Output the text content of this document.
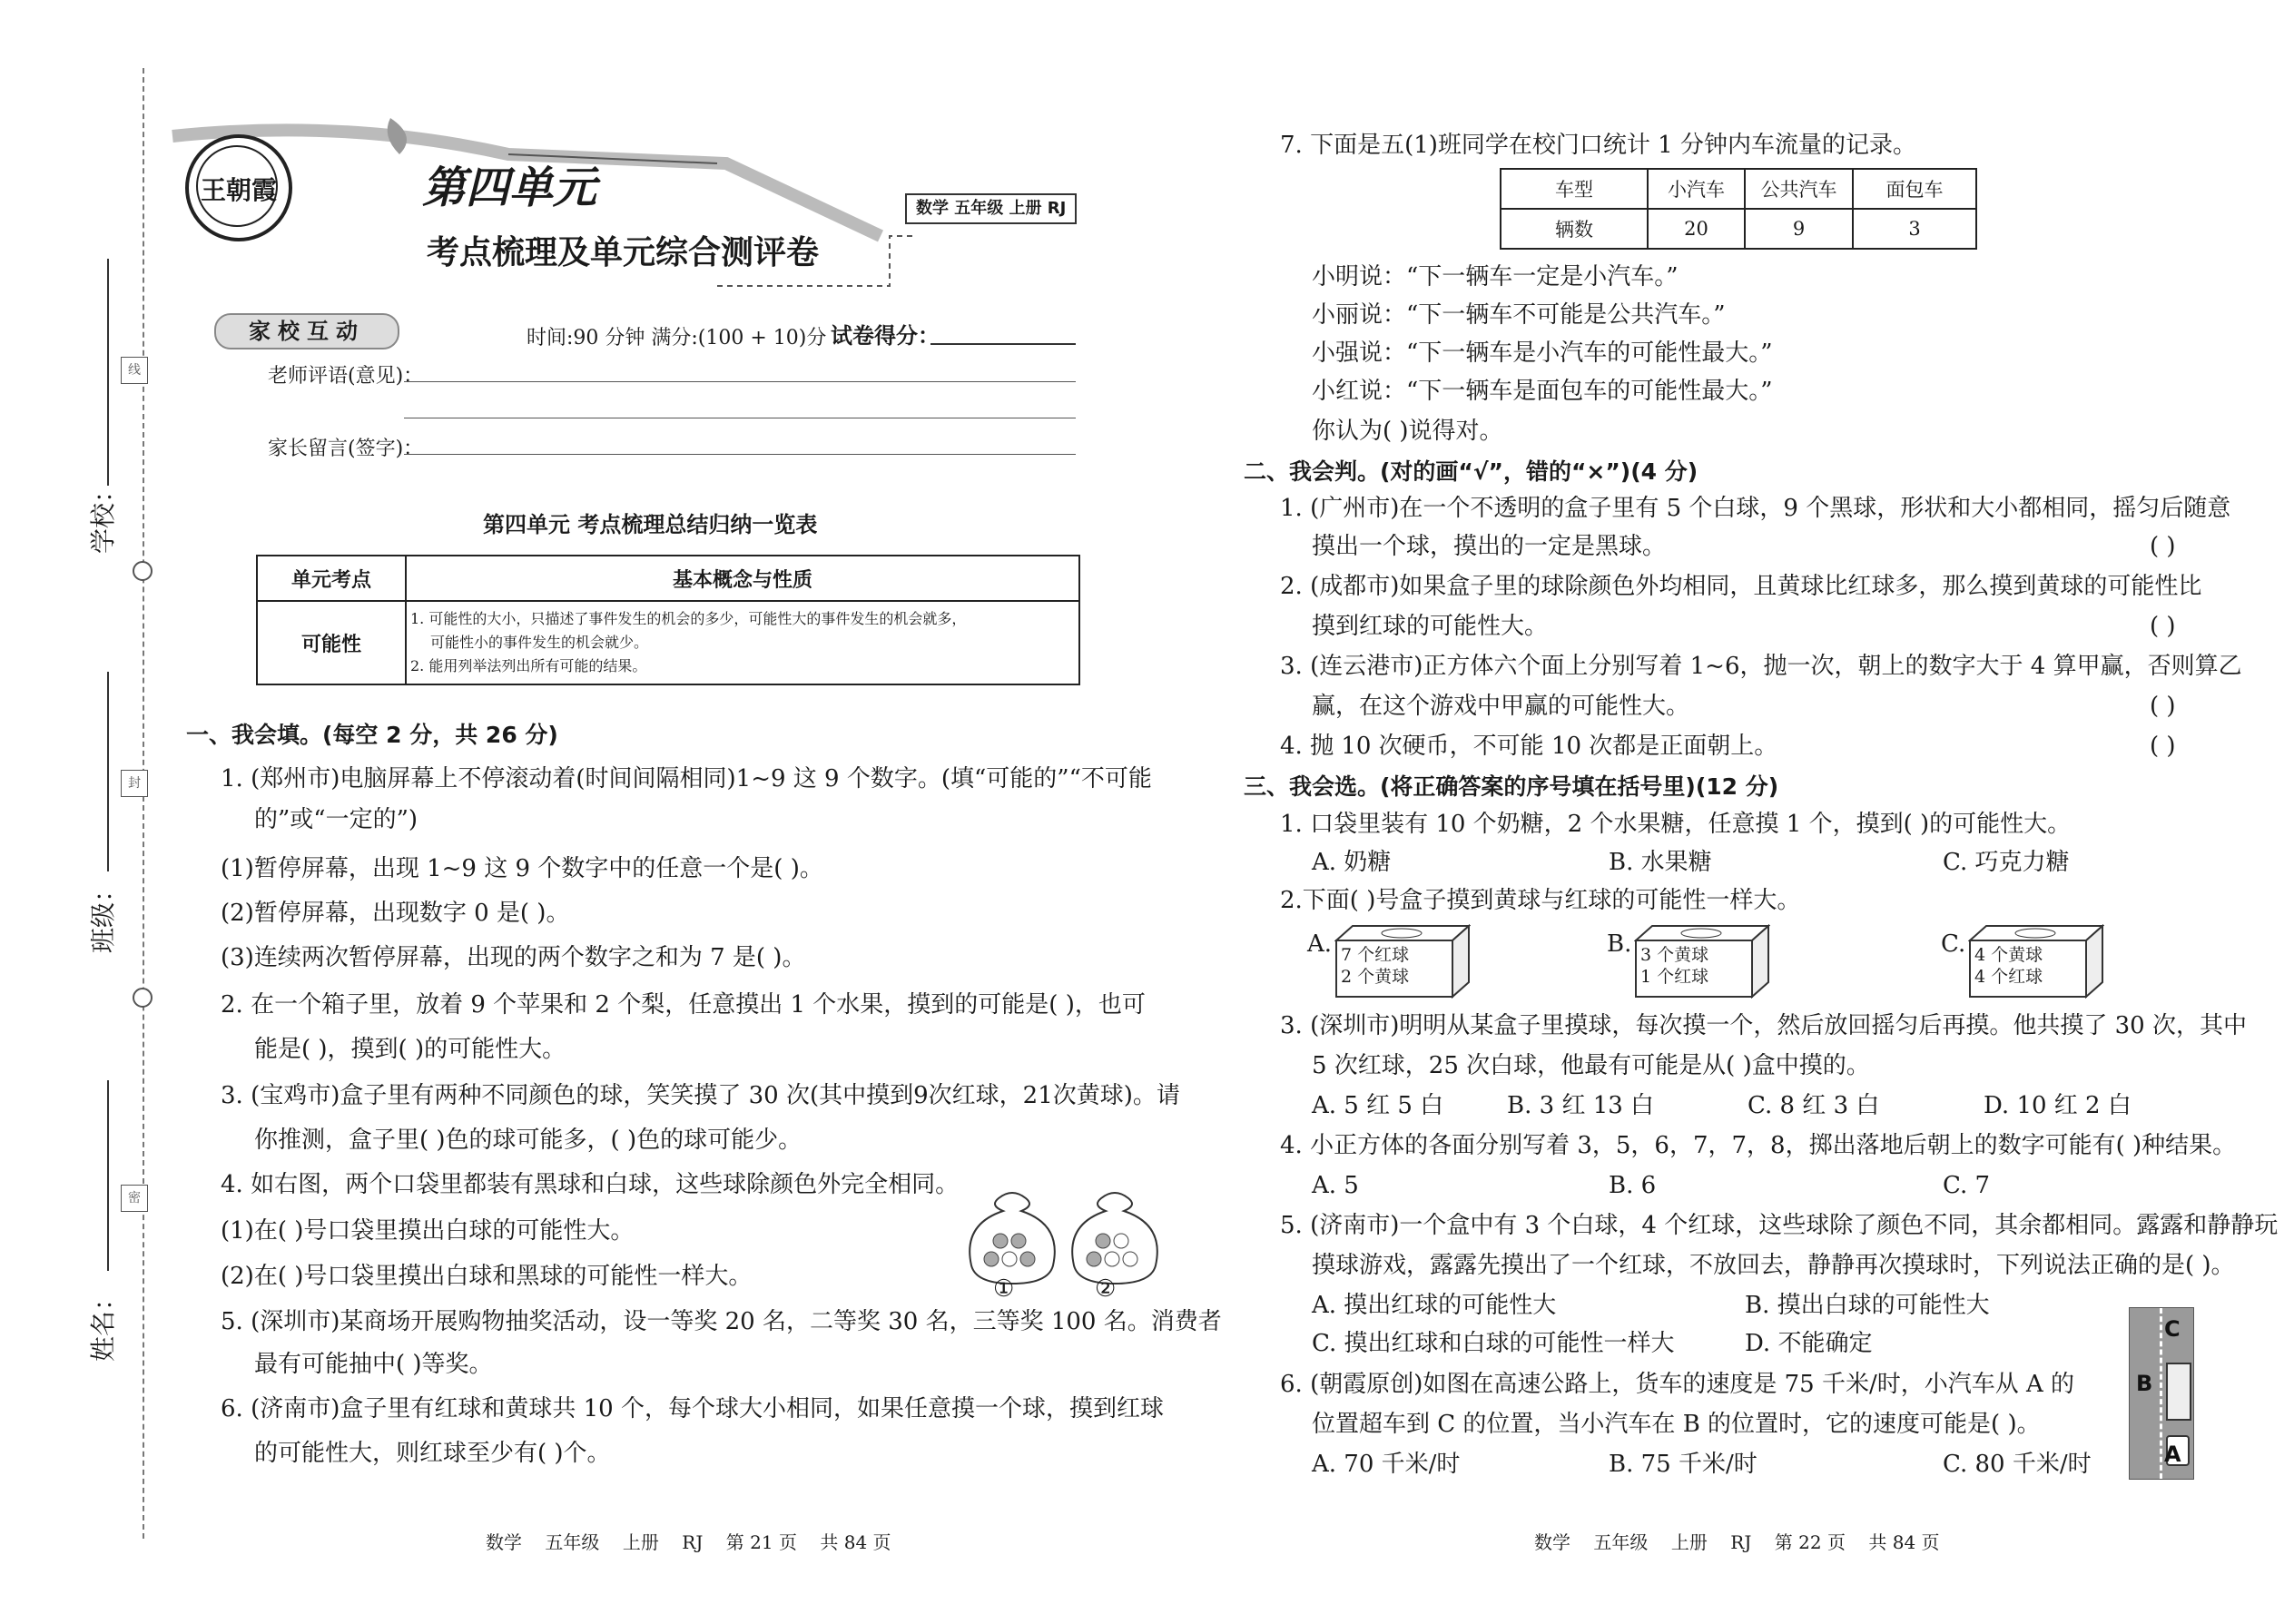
线
封
密
学校：
班级：
姓名：
王朝霞	第四单元
考点梳理及单元综合测评卷
数学 五年级 上册 RJ
家校互动	时间:90 分钟 满分:(100 + 10)分 试卷得分：
老师评语(意见)：
家长留言(签字)：
第四单元 考点梳理总结归纳一览表
单元考点	基本概念与性质
可能性	1. 可能性的大小，只描述了事件发生的机会的多少，可能性大的事件发生的机会就多，
可能性小的事件发生的机会就少。
2. 能用列举法列出所有可能的结果。
一、我会填。(每空 2 分，共 26 分)
1. (郑州市)电脑屏幕上不停滚动着(时间间隔相同)1~9 这 9 个数字。(填“可能的”“不可能
的”或“一定的”)
(1)暂停屏幕，出现 1~9 这 9 个数字中的任意一个是( )。
(2)暂停屏幕，出现数字 0 是( )。
(3)连续两次暂停屏幕，出现的两个数字之和为 7 是( )。
2. 在一个箱子里，放着 9 个苹果和 2 个梨，任意摸出 1 个水果，摸到的可能是( )，也可
能是( )，摸到( )的可能性大。
3. (宝鸡市)盒子里有两种不同颜色的球，笑笑摸了 30 次(其中摸到9次红球，21次黄球)。请
你推测，盒子里( )色的球可能多，( )色的球可能少。
4. 如右图，两个口袋里都装有黑球和白球，这些球除颜色外完全相同。
(1)在( )号口袋里摸出白球的可能性大。
(2)在( )号口袋里摸出白球和黑球的可能性一样大。	①	②
5. (深圳市)某商场开展购物抽奖活动，设一等奖 20 名，二等奖 30 名，三等奖 100 名。消费者
最有可能抽中( )等奖。
6. (济南市)盒子里有红球和黄球共 10 个，每个球大小相同，如果任意摸一个球，摸到红球
的可能性大，则红球至少有( )个。
数学    五年级    上册    RJ    第 21 页    共 84 页
7. 下面是五(1)班同学在校门口统计 1 分钟内车流量的记录。
车型	小汽车	公共汽车	面包车
辆数	20	9	3
小明说：“下一辆车一定是小汽车。”
小丽说：“下一辆车不可能是公共汽车。”
小强说：“下一辆车是小汽车的可能性最大。”
小红说：“下一辆车是面包车的可能性最大。”
你认为( )说得对。
二、我会判。(对的画“√”，错的“×”)(4 分)
1. (广州市)在一个不透明的盒子里有 5 个白球，9 个黑球，形状和大小都相同，摇匀后随意
摸出一个球，摸出的一定是黑球。	( )
2. (成都市)如果盒子里的球除颜色外均相同，且黄球比红球多，那么摸到黄球的可能性比
摸到红球的可能性大。	( )
3. (连云港市)正方体六个面上分别写着 1~6，抛一次，朝上的数字大于 4 算甲赢，否则算乙
赢，在这个游戏中甲赢的可能性大。	( )
4. 抛 10 次硬币，不可能 10 次都是正面朝上。	( )
三、我会选。(将正确答案的序号填在括号里)(12 分)
1. 口袋里装有 10 个奶糖，2 个水果糖，任意摸 1 个，摸到( )的可能性大。
A. 奶糖	B. 水果糖	C. 巧克力糖
2.下面( )号盒子摸到黄球与红球的可能性一样大。
A. 7 个红球
2 个黄球
B. 3 个黄球
1 个红球
C. 4 个黄球
4 个红球
3. (深圳市)明明从某盒子里摸球，每次摸一个，然后放回摇匀后再摸。他共摸了 30 次，其中
5 次红球，25 次白球，他最有可能是从( )盒中摸的。
A. 5 红 5 白	B. 3 红 13 白	C. 8 红 3 白	D. 10 红 2 白
4. 小正方体的各面分别写着 3，5，6，7，7，8，掷出落地后朝上的数字可能有( )种结果。
A. 5	B. 6	C. 7
5. (济南市)一个盒中有 3 个白球，4 个红球，这些球除了颜色不同，其余都相同。露露和静静玩
摸球游戏，露露先摸出了一个红球，不放回去，静静再次摸球时，下列说法正确的是( )。
A. 摸出红球的可能性大	B. 摸出白球的可能性大
C. 摸出红球和白球的可能性一样大	D. 不能确定
6. (朝霞原创)如图在高速公路上，货车的速度是 75 千米/时，小汽车从 A 的
位置超车到 C 的位置，当小汽车在 B 的位置时，它的速度可能是( )。
A. 70 千米/时	B. 75 千米/时	C. 80 千米/时
C
B
A
数学    五年级    上册    RJ    第 22 页    共 84 页
